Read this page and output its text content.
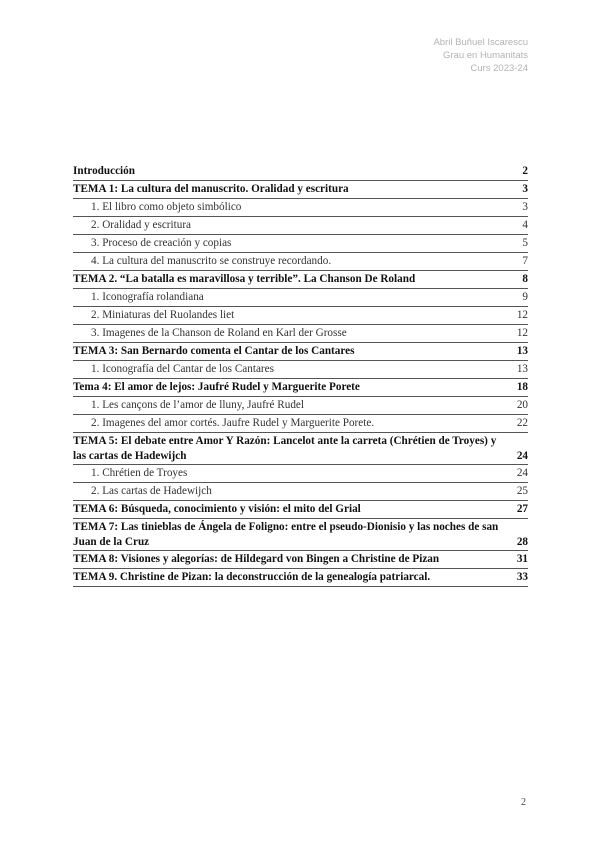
Abril Buñuel Iscarescu
Grau en Humanitats
Curs 2023-24
Introducción	2
TEMA 1: La cultura del manuscrito. Oralidad y escritura	3
1. El libro como objeto simbólico	3
2. Oralidad y escritura	4
3. Proceso de creación y copias	5
4. La cultura del manuscrito se construye recordando.	7
TEMA 2. “La batalla es maravillosa y terrible”. La Chanson De Roland	8
1. Iconografía rolandiana	9
2. Miniaturas del Ruolandes liet	12
3. Imagenes de la Chanson de Roland en Karl der Grosse	12
TEMA 3: San Bernardo comenta el Cantar de los Cantares	13
1. Iconografía del Cantar de los Cantares	13
Tema 4: El amor de lejos: Jaufré Rudel y Marguerite Porete	18
1. Les cançons de l’amor de lluny, Jaufré Rudel	20
2. Imagenes del amor cortés. Jaufre Rudel y Marguerite Porete.	22
TEMA 5: El debate entre Amor Y Razón: Lancelot ante la carreta (Chrétien de Troyes) y las cartas de Hadewijch	24
1. Chrétien de Troyes	24
2. Las cartas de Hadewijch	25
TEMA 6: Búsqueda, conocimiento y visión: el mito del Grial	27
TEMA 7: Las tinieblas de Ángela de Foligno: entre el pseudo-Dionisio y las noches de san Juan de la Cruz	28
TEMA 8: Visiones y alegorías: de Hildegard von Bingen a Christine de Pizan	31
TEMA 9. Christine de Pizan: la deconstrucción de la genealogía patriarcal.	33
2
